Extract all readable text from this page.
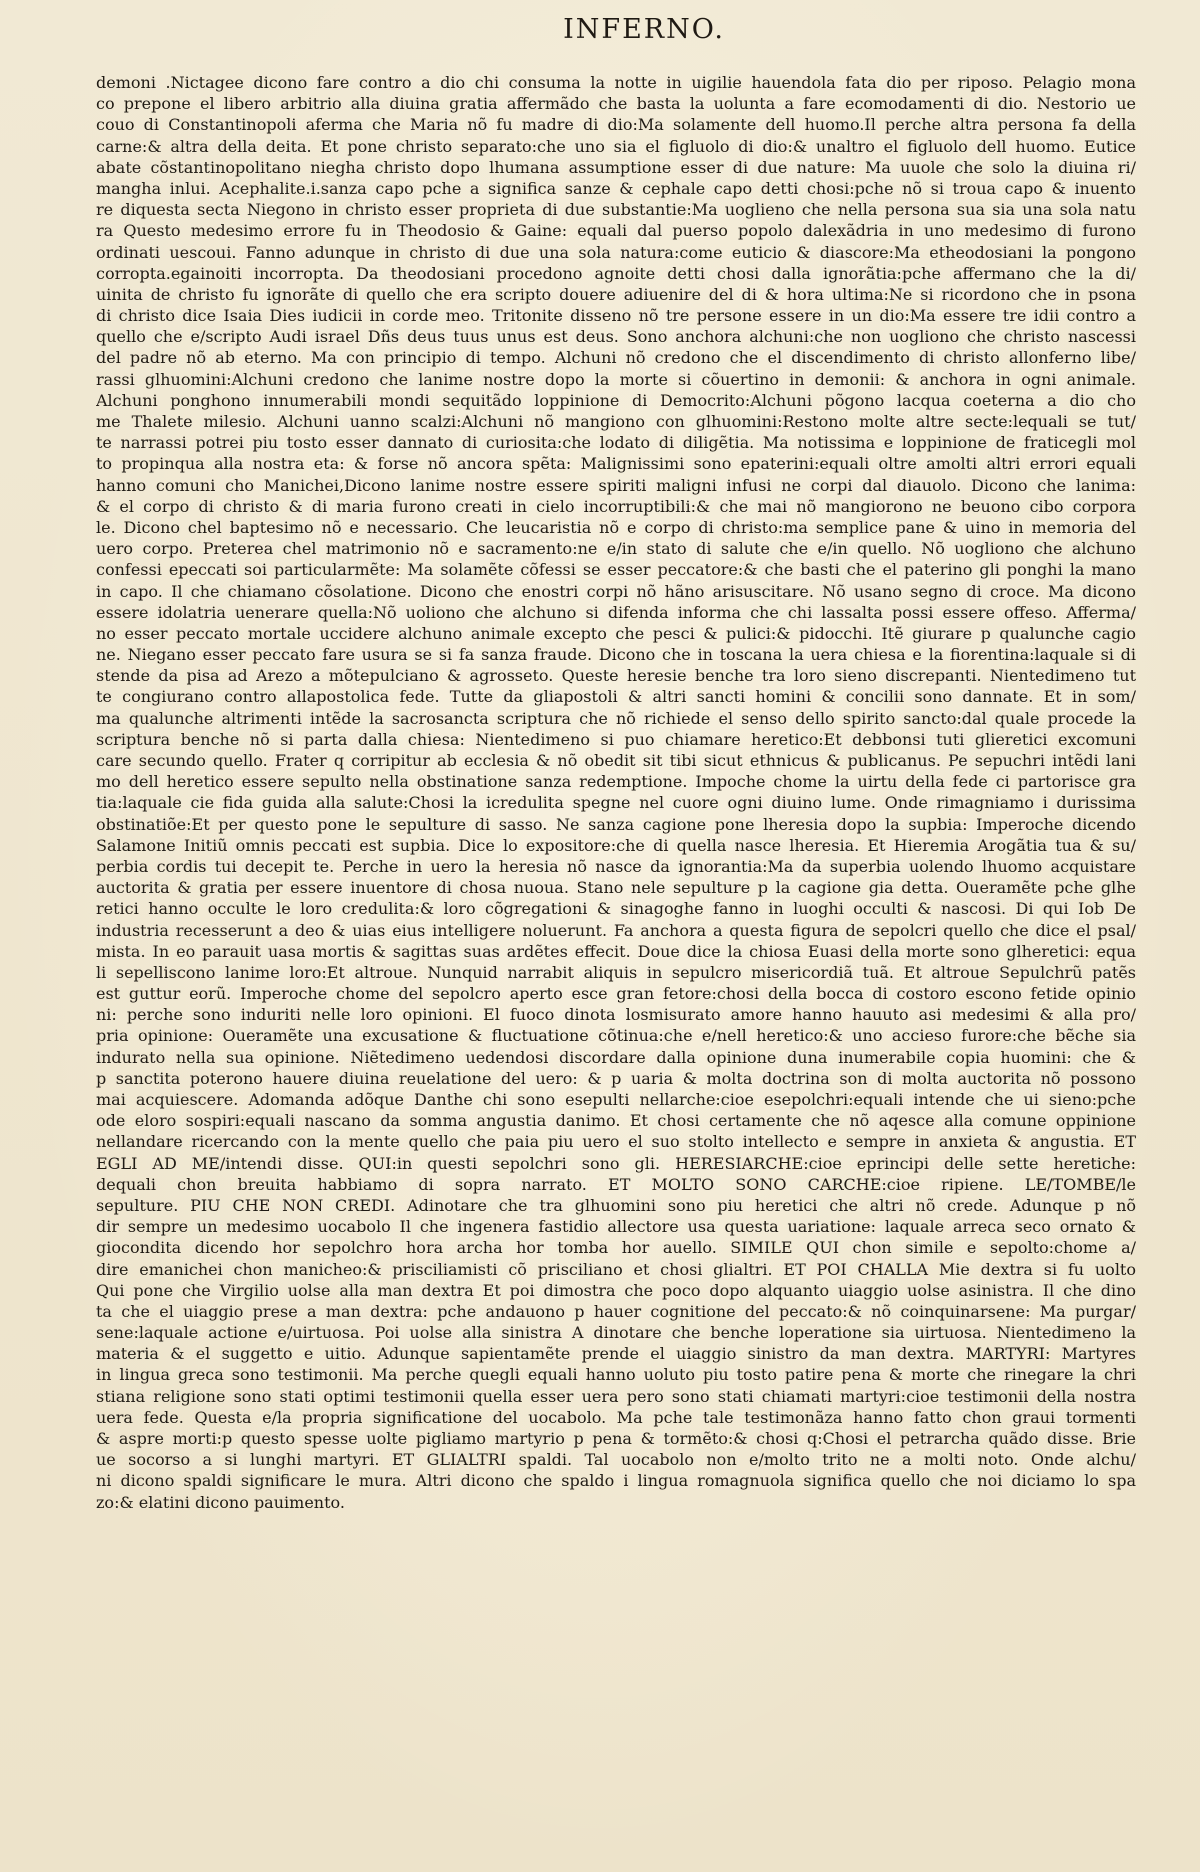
INFERNO.
demoni .Nictagee dicono fare contro a dio chi consuma la notte in uigilie hauendola fata dio per riposo. Pelagio mona
co prepone el libero arbitrio alla diuina gratia affermãdo che basta la uolunta a fare ecomodamenti di dio. Nestorio ue
couo di Constantinopoli aferma che Maria nõ fu madre di dio:Ma solamente dell huomo.Il perche altra persona fa della
carne:& altra della deita. Et pone christo separato:che uno sia el figluolo di dio:& unaltro el figluolo dell huomo. Eutice
abate cõstantinopolitano niegha christo dopo lhumana assumptione esser di due nature: Ma uuole che solo la diuina ri/
mangha inlui. Acephalite.i.sanza capo pche a significa sanze & cephale capo detti chosi:pche nõ si troua capo & inuento
re diquesta secta Niegono in christo esser proprieta di due substantie:Ma uoglieno che nella persona sua sia una sola natu
ra Questo medesimo errore fu in Theodosio & Gaine: equali dal puerso popolo dalexãdria in uno medesimo di furono
ordinati uescoui. Fanno adunque in christo di due una sola natura:come euticio & diascore:Ma etheodosiani la pongono
corropta.egainoiti incorropta. Da theodosiani procedono agnoite detti chosi dalla ignorãtia:pche affermano che la di/
uinita de christo fu ignorãte di quello che era scripto douere adiuenire del di & hora ultima:Ne si ricordono che in psona
di christo dice Isaia Dies iudicii in corde meo. Tritonite disseno nõ tre persone essere in un dio:Ma essere tre idii contro a
quello che e/scripto Audi israel Dñs deus tuus unus est deus. Sono anchora alchuni:che non uogliono che christo nascessi
del padre nõ ab eterno. Ma con principio di tempo. Alchuni nõ credono che el discendimento di christo allonferno libe/
rassi glhuomini:Alchuni credono che lanime nostre dopo la morte si cõuertino in demonii: & anchora in ogni animale.
Alchuni ponghono innumerabili mondi sequitãdo loppinione di Democrito:Alchuni põgono lacqua coeterna a dio cho
me Thalete milesio. Alchuni uanno scalzi:Alchuni nõ mangiono con glhuomini:Restono molte altre secte:lequali se tut/
te narrassi potrei piu tosto esser dannato di curiosita:che lodato di diligẽtia. Ma notissima e loppinione de fraticegli mol
to propinqua alla nostra eta: & forse nõ ancora spẽta: Malignissimi sono epaterini:equali oltre amolti altri errori equali
hanno comuni cho Manichei,Dicono lanime nostre essere spiriti maligni infusi ne corpi dal diauolo. Dicono che lanima:
& el corpo di christo & di maria furono creati in cielo incorruptibili:& che mai nõ mangiorono ne beuono cibo corpora
le. Dicono chel baptesimo nõ e necessario. Che leucaristia nõ e corpo di christo:ma semplice pane & uino in memoria del
uero corpo. Preterea chel matrimonio nõ e sacramento:ne e/in stato di salute che e/in quello. Nõ uogliono che alchuno
confessi epeccati soi particularmẽte: Ma solamẽte cõfessi se esser peccatore:& che basti che el paterino gli ponghi la mano
in capo. Il che chiamano cõsolatione. Dicono che enostri corpi nõ hãno arisuscitare. Nõ usano segno di croce. Ma dicono
essere idolatria uenerare quella:Nõ uoliono che alchuno si difenda informa che chi lassalta possi essere offeso. Afferma/
no esser peccato mortale uccidere alchuno animale excepto che pesci & pulici:& pidocchi. Itẽ giurare p qualunche cagio
ne. Niegano esser peccato fare usura se si fa sanza fraude. Dicono che in toscana la uera chiesa e la fiorentina:laquale si di
stende da pisa ad Arezo a mõtepulciano & agrosseto. Queste heresie benche tra loro sieno discrepanti. Nientedimeno tut
te congiurano contro allapostolica fede. Tutte da gliapostoli & altri sancti homini & concilii sono dannate. Et in som/
ma qualunche altrimenti intẽde la sacrosancta scriptura che nõ richiede el senso dello spirito sancto:dal quale procede la
scriptura benche nõ si parta dalla chiesa: Nientedimeno si puo chiamare heretico:Et debbonsi tuti glieretici excomuni
care secundo quello. Frater q corripitur ab ecclesia & nõ obedit sit tibi sicut ethnicus & publicanus. Pe sepuchri intẽdi lani
mo dell heretico essere sepulto nella obstinatione sanza redemptione. Impoche chome la uirtu della fede ci partorisce gra
tia:laquale cie fida guida alla salute:Chosi la icredulita spegne nel cuore ogni diuino lume. Onde rimagniamo i durissima
obstinatiõe:Et per questo pone le sepulture di sasso. Ne sanza cagione pone lheresia dopo la supbia: Imperoche dicendo
Salamone Initiũ omnis peccati est supbia. Dice lo expositore:che di quella nasce lheresia. Et Hieremia Arogãtia tua & su/
perbia cordis tui decepit te. Perche in uero la heresia nõ nasce da ignorantia:Ma da superbia uolendo lhuomo acquistare
auctorita & gratia per essere inuentore di chosa nuoua. Stano nele sepulture p la cagione gia detta. Oueramẽte pche glhe
retici hanno occulte le loro credulita:& loro cõgregationi & sinagoghe fanno in luoghi occulti & nascosi. Di qui Iob De
industria recesserunt a deo & uias eius intelligere noluerunt. Fa anchora a questa figura de sepolcri quello che dice el psal/
mista. In eo parauit uasa mortis & sagittas suas ardẽtes effecit. Doue dice la chiosa Euasi della morte sono glheretici: equa
li sepelliscono lanime loro:Et altroue. Nunquid narrabit aliquis in sepulcro misericordiã tuã. Et altroue Sepulchrũ patẽs
est guttur eorũ. Imperoche chome del sepolcro aperto esce gran fetore:chosi della bocca di costoro escono fetide opinio
ni: perche sono induriti nelle loro opinioni. El fuoco dinota losmisurato amore hanno hauuto asi medesimi & alla pro/
pria opinione: Oueramẽte una excusatione & fluctuatione cõtinua:che e/nell heretico:& uno acciesо furore:che bẽche sia
indurato nella sua opinione. Niẽtedimeno uedendosi discordare dalla opinione duna inumerabile copia huomini: che &
p sanctita poterono hauere diuina reuelatione del uero: & p uaria & molta doctrina son di molta auctorita nõ possono
mai acquiescere. Adomanda adõque Danthe chi sono esepulti nellarche:cioe esepolchri:equali intende che ui sieno:pche
ode eloro sospiri:equali nascano da somma angustia danimo. Et chosi certamente che nõ aqesce alla comune oppinione
nellandare ricercando con la mente quello che paia piu uero el suo stolto intellecto e sempre in anxieta & angustia. ET
EGLI AD ME/intendi disse. QUI:in questi sepolchri sono gli. HERESIARCHE:cioe eprincipi delle sette heretiche:
dequali chon breuita habbiamo di sopra narrato. ET MOLTO SONO CARCHE:cioe ripiene. LE/TOMBE/le
sepulture. PIU CHE NON CREDI. Adinotare che tra glhuomini sono piu heretici che altri nõ crede. Adunque p nõ
dir sempre un medesimo uocabolo Il che ingenera fastidio allectore usa questa uariatione: laquale arreca seco ornato &
giocondita dicendo hor sepolchro hora archa hor tomba hor auello. SIMILE QUI chon simile e sepolto:chome a/
dire emanichei chon manicheo:& prisciliamisti cõ prisciliano et chosi glialtri. ET POI CHALLA Mie dextra si fu uolto
Qui pone che Virgilio uolse alla man dextra Et poi dimostra che poco dopo alquanto uiaggio uolse asinistra. Il che dino
ta che el uiaggio prese a man dextra: pche andauono p hauer cognitione del peccato:& nõ coinquinarsene: Ma purgar/
sene:laquale actione e/uirtuosa. Poi uolse alla sinistra A dinotare che benche loperatione sia uirtuosa. Nientedimeno la
materia & el suggetto e uitio. Adunque sapientamẽte prende el uiaggio sinistro da man dextra. MARTYRI: Martyres
in lingua greca sono testimonii. Ma perche quegli equali hanno uoluto piu tosto patire pena & morte che rinegare la chri
stiana religione sono stati optimi testimonii quella esser uera pero sono stati chiamati martyri:cioe testimonii della nostra
uera fede. Questa e/la propria significatione del uocabolo. Ma pche tale testimonãza hanno fatto chon graui tormenti
& aspre morti:p questo spesse uolte pigliamo martyrio p pena & tormẽto:& chosi q:Chosi el petrarcha quãdo disse. Brie
ue socorso a si lunghi martyri. ET GLIALTRI spaldi. Tal uocabolo non e/molto trito ne a molti noto. Onde alchu/
ni dicono spaldi significare le mura. Altri dicono che spaldo i lingua romagnuola significa quello che noi diciamo lo spa
zo:& elatini dicono pauimento.
